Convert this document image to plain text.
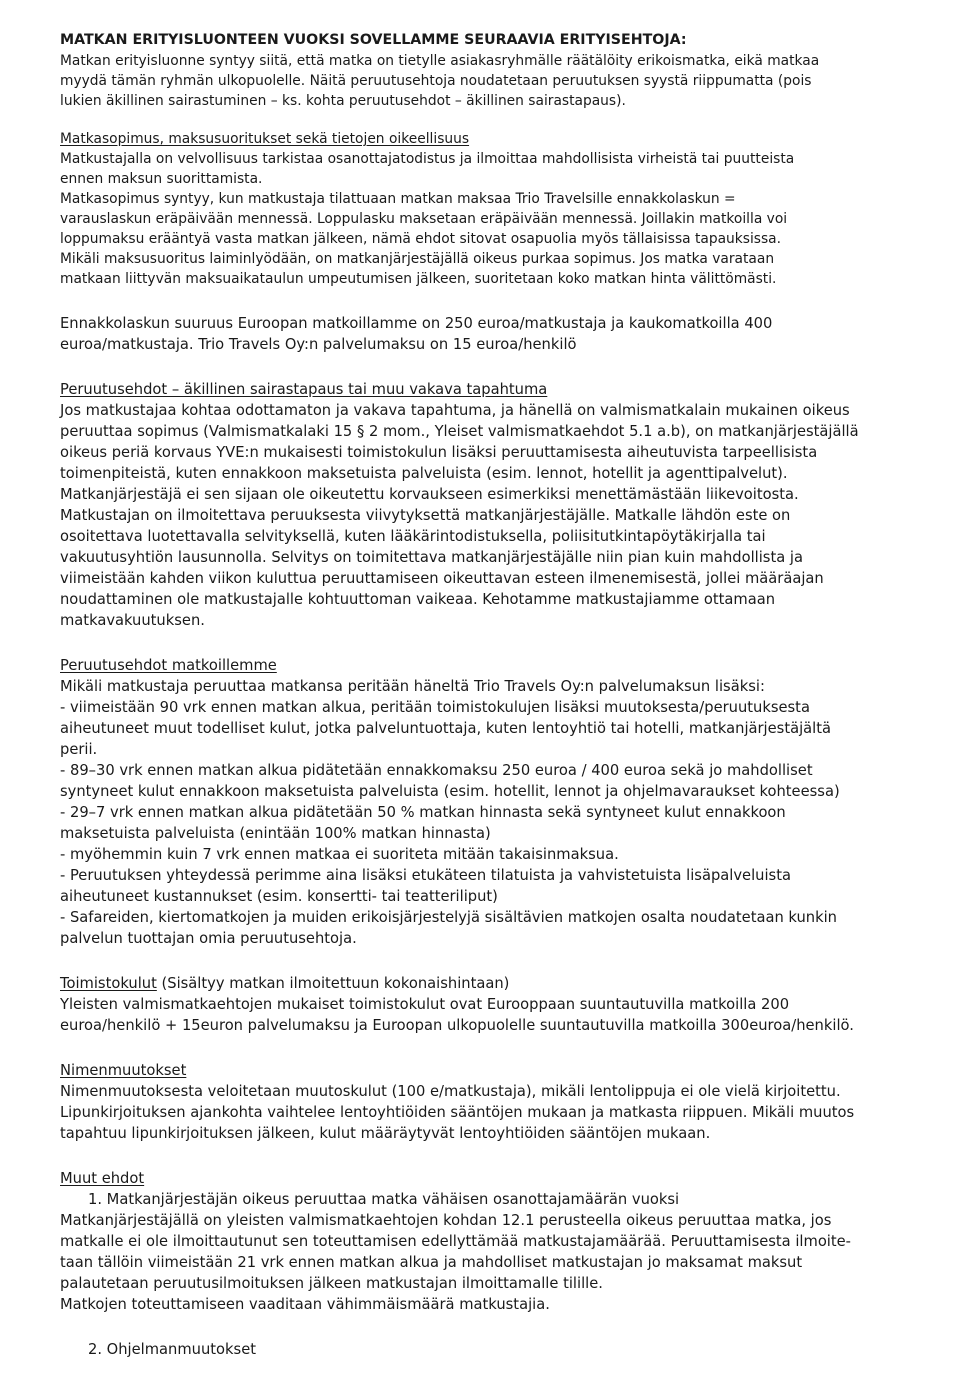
MATKAN ERITYISLUONTEEN VUOKSI SOVELLAMME SEURAAVIA ERITYISEHTOJA:

Matkan erityisluonne syntyy siitä, että matka on tietylle asiakasryhmälle räätälöity erikoismatka, eikä matkaa

myydä tämän ryhmän ulkopuolelle. Näitä peruutusehtoja noudatetaan peruutuksen syystä riippumatta (pois

lukien äkillinen sairastuminen – ks. kohta peruutusehdot – äkillinen sairastapaus).

Matkasopimus, maksusuoritukset sekä tietojen oikeellisuus

Matkustajalla on velvollisuus tarkistaa osanottajatodistus ja ilmoittaa mahdollisista virheistä tai puutteista

ennen maksun suorittamista.

Matkasopimus syntyy, kun matkustaja tilattuaan matkan maksaa Trio Travelsille ennakkolaskun =

varauslaskun eräpäivään mennessä. Loppulasku maksetaan eräpäivään mennessä. Joillakin matkoilla voi

loppumaksu erääntyä vasta matkan jälkeen, nämä ehdot sitovat osapuolia myös tällaisissa tapauksissa.

Mikäli maksusuoritus laiminlyödään, on matkanjärjestäjällä oikeus purkaa sopimus. Jos matka varataan

matkaan liittyvän maksuaikataulun umpeutumisen jälkeen, suoritetaan koko matkan hinta välittömästi.

Ennakkolaskun suuruus Euroopan matkoillamme on 250 euroa/matkustaja ja kaukomatkoilla 400

euroa/matkustaja. Trio Travels Oy:n palvelumaksu on 15 euroa/henkilö

Peruutusehdot – äkillinen sairastapaus tai muu vakava tapahtuma

Jos matkustajaa kohtaa odottamaton ja vakava tapahtuma, ja hänellä on valmismatkalain mukainen oikeus

peruuttaa sopimus (Valmismatkalaki 15 § 2 mom., Yleiset valmismatkaehdot 5.1 a.b), on matkanjärjestäjällä

oikeus periä korvaus YVE:n mukaisesti toimistokulun lisäksi peruuttamisesta aiheutuvista tarpeellisista

toimenpiteistä, kuten ennakkoon maksetuista palveluista (esim. lennot, hotellit ja agenttipalvelut).

Matkanjärjestäjä ei sen sijaan ole oikeutettu korvaukseen esimerkiksi menettämästään liikevoitosta.

Matkustajan on ilmoitettava peruuksesta viivytyksettä matkanjärjestäjälle. Matkalle lähdön este on

osoitettava luotettavalla selvityksellä, kuten lääkärintodistuksella, poliisitutkintapöytäkirjalla tai

vakuutusyhtiön lausunnolla. Selvitys on toimitettava matkanjärjestäjälle niin pian kuin mahdollista ja

viimeistään kahden viikon kuluttua peruuttamiseen oikeuttavan esteen ilmenemisestä, jollei määräajan

noudattaminen ole matkustajalle kohtuuttoman vaikeaa. Kehotamme matkustajiamme ottamaan

matkavakuutuksen.

Peruutusehdot matkoillemme

Mikäli matkustaja peruuttaa matkansa peritään häneltä Trio Travels Oy:n palvelumaksun lisäksi:

- viimeistään 90 vrk ennen matkan alkua, peritään toimistokulujen lisäksi muutoksesta/peruutuksesta

aiheutuneet muut todelliset kulut, jotka palveluntuottaja, kuten lentoyhtiö tai hotelli, matkanjärjestäjältä

perii.

- 89–30 vrk ennen matkan alkua pidätetään ennakkomaksu 250 euroa / 400 euroa sekä jo mahdolliset

syntyneet kulut ennakkoon maksetuista palveluista (esim. hotellit, lennot ja ohjelmavaraukset kohteessa)

- 29–7 vrk ennen matkan alkua pidätetään 50 % matkan hinnasta sekä syntyneet kulut ennakkoon

maksetuista palveluista (enintään 100% matkan hinnasta)

- myöhemmin kuin 7 vrk ennen matkaa ei suoriteta mitään takaisinmaksua.

- Peruutuksen yhteydessä perimme aina lisäksi etukäteen tilatuista ja vahvistetuista lisäpalveluista

aiheutuneet kustannukset (esim. konsertti- tai teatteriliput)

- Safareiden, kiertomatkojen ja muiden erikoisjärjestelyjä sisältävien matkojen osalta noudatetaan kunkin

palvelun tuottajan omia peruutusehtoja.

Toimistokulut (Sisältyy matkan ilmoitettuun kokonaishintaan)

Yleisten valmismatkaehtojen mukaiset toimistokulut ovat Eurooppaan suuntautuvilla matkoilla 200

euroa/henkilö + 15euron palvelumaksu ja Euroopan ulkopuolelle suuntautuvilla matkoilla 300euroa/henkilö.

Nimenmuutokset

Nimenmuutoksesta veloitetaan muutoskulut (100 e/matkustaja), mikäli lentolippuja ei ole vielä kirjoitettu.

Lipunkirjoituksen ajankohta vaihtelee lentoyhtiöiden sääntöjen mukaan ja matkasta riippuen. Mikäli muutos

tapahtuu lipunkirjoituksen jälkeen, kulut määräytyvät lentoyhtiöiden sääntöjen mukaan.

Muut ehdot

1. Matkanjärjestäjän oikeus peruuttaa matka vähäisen osanottajamäärän vuoksi

Matkanjärjestäjällä on yleisten valmismatkaehtojen kohdan 12.1 perusteella oikeus peruuttaa matka, jos

matkalle ei ole ilmoittautunut sen toteuttamisen edellyttämää matkustajamäärää. Peruuttamisesta ilmoite-

taan tällöin viimeistään 21 vrk ennen matkan alkua ja mahdolliset matkustajan jo maksamat maksut

palautetaan peruutusilmoituksen jälkeen matkustajan ilmoittamalle tilille.

Matkojen toteuttamiseen vaaditaan vähimmäismäärä matkustajia.

2. Ohjelmanmuutokset
